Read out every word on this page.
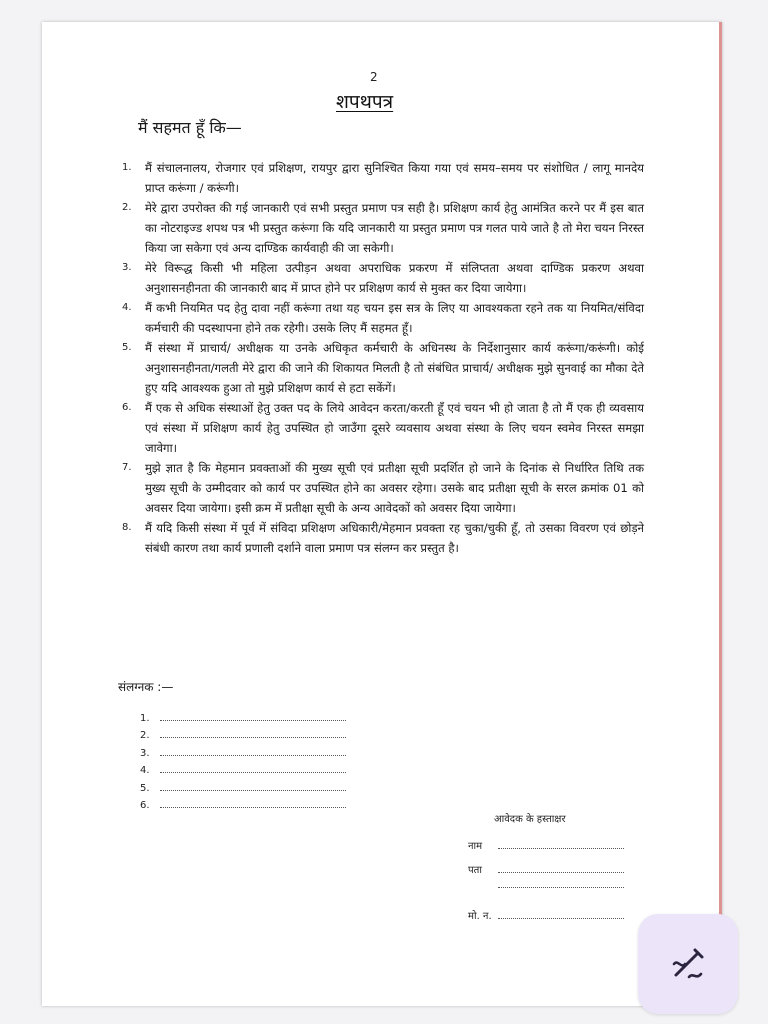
2
शपथपत्र
मैं सहमत हूँ कि—
1. मैं संचालनालय, रोजगार एवं प्रशिक्षण, रायपुर द्वारा सुनिश्चित किया गया एवं समय–समय पर संशोधित / लागू मानदेय प्राप्त करूंगा / करूंगी।
2. मेरे द्वारा उपरोक्त की गई जानकारी एवं सभी प्रस्तुत प्रमाण पत्र सही है। प्रशिक्षण कार्य हेतु आमंत्रित करने पर मैं इस बात का नोटराइज्ड शपथ पत्र भी प्रस्तुत करूंगा कि यदि जानकारी या प्रस्तुत प्रमाण पत्र गलत पाये जाते है तो मेरा चयन निरस्त किया जा सकेगा एवं अन्य दाण्डिक कार्यवाही की जा सकेगी।
3. मेरे विरूद्ध किसी भी महिला उत्पीड़न अथवा अपराधिक प्रकरण में संलिप्तता अथवा दाण्डिक प्रकरण अथवा अनुशासनहीनता की जानकारी बाद में प्राप्त होने पर प्रशिक्षण कार्य से मुक्त कर दिया जायेगा।
4. मैं कभी नियमित पद हेतु दावा नहीं करूंगा तथा यह चयन इस सत्र के लिए या आवश्यकता रहने तक या नियमित/संविदा कर्मचारी की पदस्थापना होने तक रहेगी। उसके लिए मैं सहमत हूँ।
5. मैं संस्था में प्राचार्य/ अधीक्षक या उनके अधिकृत कर्मचारी के अधिनस्थ के निर्देशानुसार कार्य करूंगा/करूंगी। कोई अनुशासनहीनता/गलती मेरे द्वारा की जाने की शिकायत मिलती है तो संबंधित प्राचार्य/ अधीक्षक मुझे सुनवाई का मौका देते हुए यदि आवश्यक हुआ तो मुझे प्रशिक्षण कार्य से हटा सकेंगें।
6. मैं एक से अधिक संस्थाओं हेतु उक्त पद के लिये आवेदन करता/करती हूँ एवं चयन भी हो जाता है तो मैं एक ही व्यवसाय एवं संस्था में प्रशिक्षण कार्य हेतु उपस्थित हो जाउँगा दूसरे व्यवसाय अथवा संस्था के लिए चयन स्वमेव निरस्त समझा जावेगा।
7. मुझे ज्ञात है कि मेहमान प्रवक्ताओं की मुख्य सूची एवं प्रतीक्षा सूची प्रदर्शित हो जाने के दिनांक से निर्धारित तिथि तक मुख्य सूची के उम्मीदवार को कार्य पर उपस्थित होने का अवसर रहेगा। उसके बाद प्रतीक्षा सूची के सरल क्रमांक 01 को अवसर दिया जायेगा। इसी क्रम में प्रतीक्षा सूची के अन्य आवेदकों को अवसर दिया जायेगा।
8. मैं यदि किसी संस्था में पूर्व में संविदा प्रशिक्षण अधिकारी/मेहमान प्रवक्ता रह चुका/चुकी हूँ, तो उसका विवरण एवं छोड़ने संबंधी कारण तथा कार्य प्रणाली दर्शाने वाला प्रमाण पत्र संलग्न कर प्रस्तुत है।
संलग्नक :—
1.
2.
3.
4.
5.
6.
आवेदक के हस्ताक्षर
नाम
पता
मो. न.
